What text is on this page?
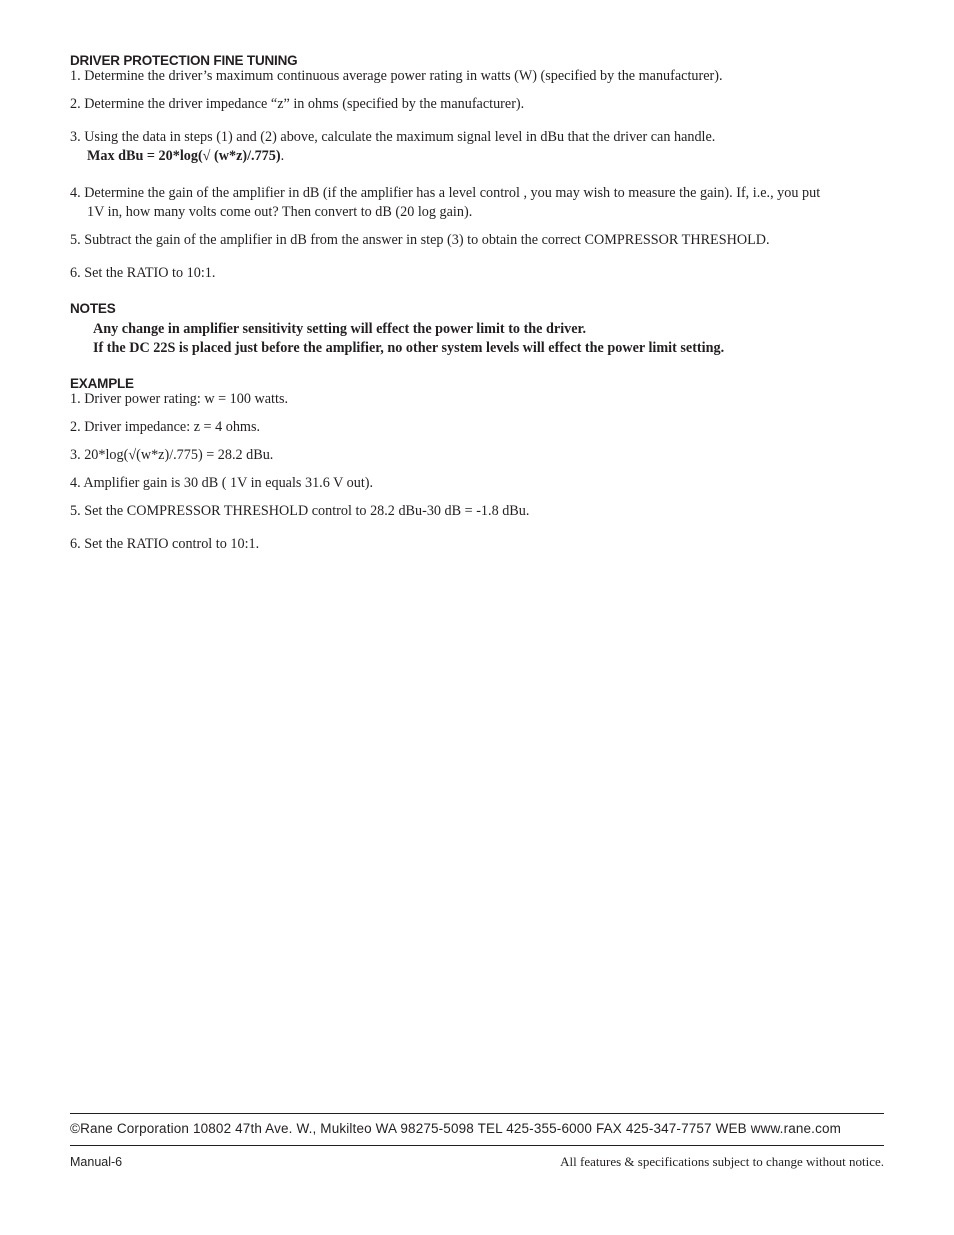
DRIVER PROTECTION FINE TUNING
1. Determine the driver’s maximum continuous average power rating in watts (W) (specified by the manufacturer).
2. Determine the driver impedance “z” in ohms (specified by the manufacturer).
3. Using the data in steps (1) and (2) above, calculate the maximum signal level in dBu that the driver can handle.
Max dBu = 20*log(√ (w*z)/.775).
4. Determine the gain of the amplifier in dB (if the amplifier has a level control , you may wish to measure the gain). If, i.e., you put
1V in, how many volts come out? Then convert to dB (20 log gain).
5. Subtract the gain of the amplifier in dB from the answer in step (3) to obtain the correct COMPRESSOR THRESHOLD.
6. Set the RATIO to 10:1.
NOTES
Any change in amplifier sensitivity setting will effect the power limit to the driver.
If the DC 22S is placed just before the amplifier, no other system levels will effect the power limit setting.
EXAMPLE
1. Driver power rating: w = 100 watts.
2. Driver impedance: z = 4 ohms.
3. 20*log(√(w*z)/.775) = 28.2 dBu.
4. Amplifier gain is 30 dB ( 1V in equals 31.6 V out).
5. Set the COMPRESSOR THRESHOLD control to 28.2 dBu-30 dB = -1.8 dBu.
6. Set the RATIO control to 10:1.
©Rane Corporation 10802 47th Ave. W., Mukilteo WA 98275-5098 TEL 425-355-6000 FAX 425-347-7757 WEB www.rane.com
Manual-6	All features & specifications subject to change without notice.
